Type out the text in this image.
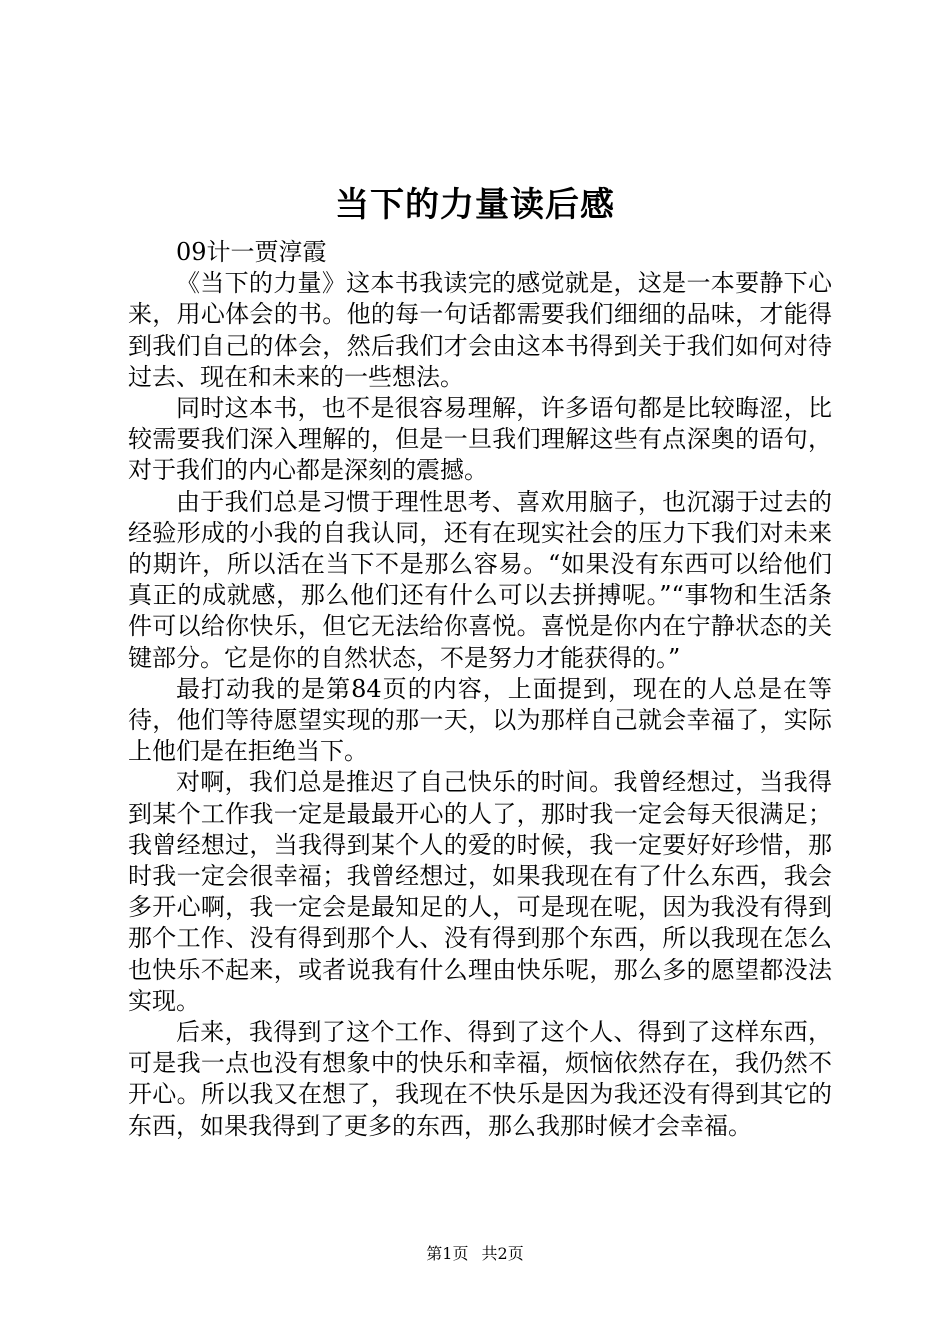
当下的力量读后感

09计一贾淳霞

《当下的力量》这本书我读完的感觉就是，这是一本要静下心来，用心体会的书。他的每一句话都需要我们细细的品味，才能得到我们自己的体会，然后我们才会由这本书得到关于我们如何对待过去、现在和未来的一些想法。

同时这本书，也不是很容易理解，许多语句都是比较晦涩，比较需要我们深入理解的，但是一旦我们理解这些有点深奥的语句，对于我们的内心都是深刻的震撼。

由于我们总是习惯于理性思考、喜欢用脑子，也沉溺于过去的经验形成的小我的自我认同，还有在现实社会的压力下我们对未来的期许，所以活在当下不是那么容易。“如果没有东西可以给他们真正的成就感，那么他们还有什么可以去拼搏呢。”“事物和生活条件可以给你快乐，但它无法给你喜悦。喜悦是你内在宁静状态的关键部分。它是你的自然状态，不是努力才能获得的。”

最打动我的是第84页的内容，上面提到，现在的人总是在等待，他们等待愿望实现的那一天，以为那样自己就会幸福了，实际上他们是在拒绝当下。

对啊，我们总是推迟了自己快乐的时间。我曾经想过，当我得到某个工作我一定是最最开心的人了，那时我一定会每天很满足；我曾经想过，当我得到某个人的爱的时候，我一定要好好珍惜，那时我一定会很幸福；我曾经想过，如果我现在有了什么东西，我会多开心啊，我一定会是最知足的人，可是现在呢，因为我没有得到那个工作、没有得到那个人、没有得到那个东西，所以我现在怎么也快乐不起来，或者说我有什么理由快乐呢，那么多的愿望都没法实现。

后来，我得到了这个工作、得到了这个人、得到了这样东西，可是我一点也没有想象中的快乐和幸福，烦恼依然存在，我仍然不开心。所以我又在想了，我现在不快乐是因为我还没有得到其它的东西，如果我得到了更多的东西，那么我那时候才会幸福。

第1页 共2页
